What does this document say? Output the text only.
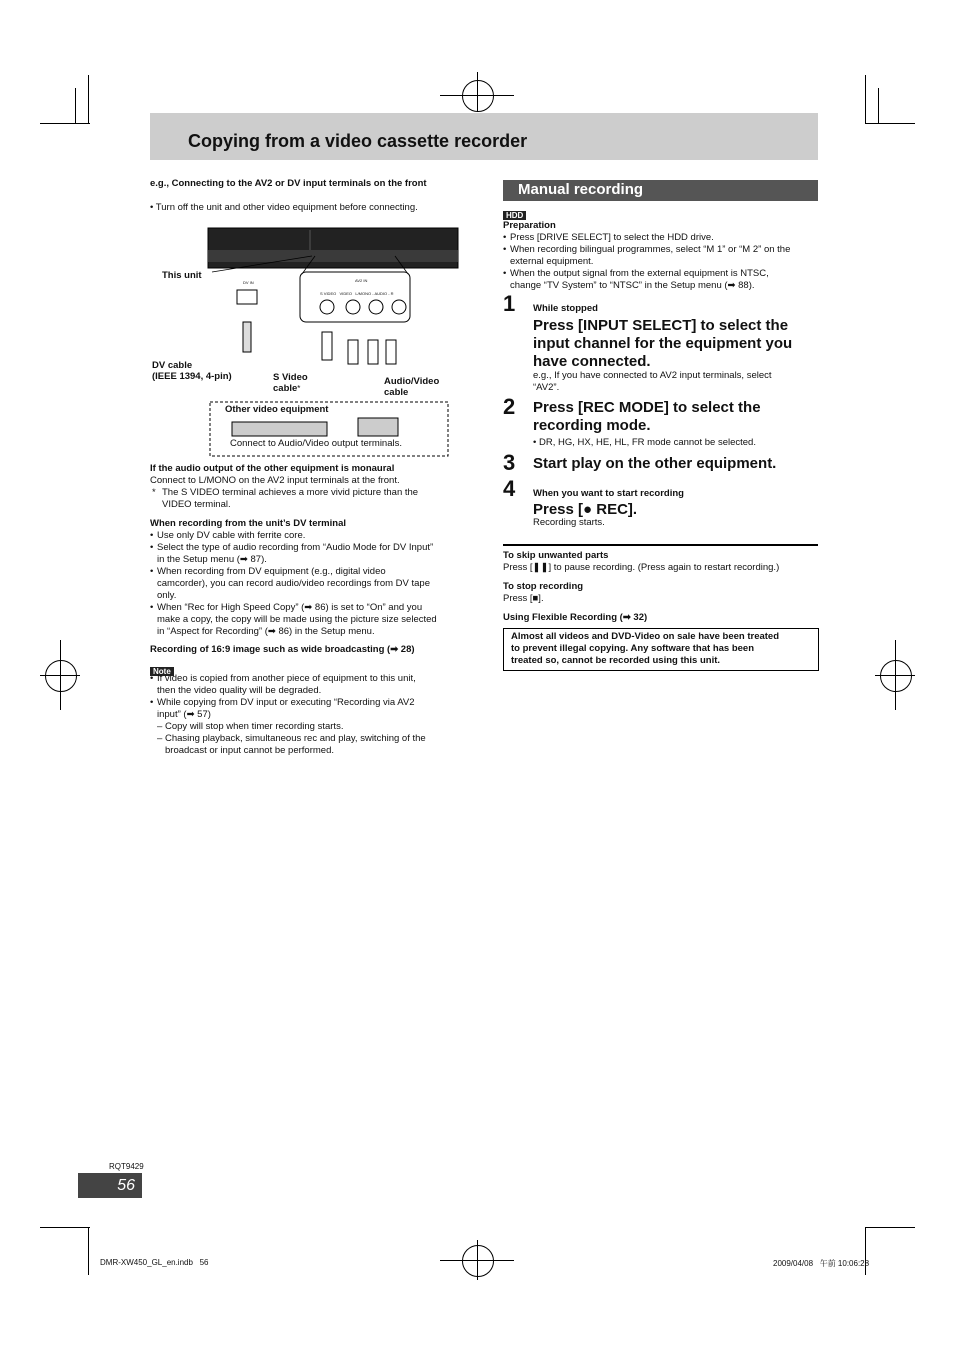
Copying from a video cassette recorder
e.g., Connecting to the AV2 or DV input terminals on the front
• Turn off the unit and other video equipment before connecting.
This unit
DV IN	AV2 IN
S VIDEO   VIDEO   L/MONO - AUDIO - R
DV cable
(IEEE 1394, 4-pin)	S Video
cable*
Audio/Video
cable
Other video equipment
Connect to Audio/Video output terminals.
If the audio output of the other equipment is monaural
Connect to L/MONO on the AV2 input terminals at the front.
* The S VIDEO terminal achieves a more vivid picture than the
VIDEO terminal.
When recording from the unit’s DV terminal
• Use only DV cable with ferrite core.
• Select the type of audio recording from “Audio Mode for DV Input”
in the Setup menu (➡ 87).
• When recording from DV equipment (e.g., digital video
camcorder), you can record audio/video recordings from DV tape
only.
• When “Rec for High Speed Copy” (➡ 86) is set to “On” and you
make a copy, the copy will be made using the picture size selected
in “Aspect for Recording” (➡ 86) in the Setup menu.
Recording of 16:9 image such as wide broadcasting (➡ 28)
Note
• If video is copied from another piece of equipment to this unit,
then the video quality will be degraded.
• While copying from DV input or executing “Recording via AV2
input” (➡ 57)
– Copy will stop when timer recording starts.
– Chasing playback, simultaneous rec and play, switching of the
broadcast or input cannot be performed.
Manual recording
HDD
Preparation
• Press [DRIVE SELECT] to select the HDD drive.
• When recording bilingual programmes, select “M 1” or “M 2” on the
external equipment.
• When the output signal from the external equipment is NTSC,
change “TV System” to “NTSC” in the Setup menu (➡ 88).
1 While stopped
Press [INPUT SELECT] to select the
input channel for the equipment you
have connected.
e.g., If you have connected to AV2 input terminals, select
“AV2”.
2 Press [REC MODE] to select the
recording mode.
• DR, HG, HX, HE, HL, FR mode cannot be selected.
3 Start play on the other equipment.
4 When you want to start recording
Press [● REC].
Recording starts.
To skip unwanted parts
Press [❚❚] to pause recording. (Press again to restart recording.)
To stop recording
Press [■].
Using Flexible Recording (➡ 32)
Almost all videos and DVD-Video on sale have been treated
to prevent illegal copying. Any software that has been
treated so, cannot be recorded using this unit.
RQT9429
56
DMR-XW450_GL_en.indb   56	2009/04/08   午前 10:06:28
